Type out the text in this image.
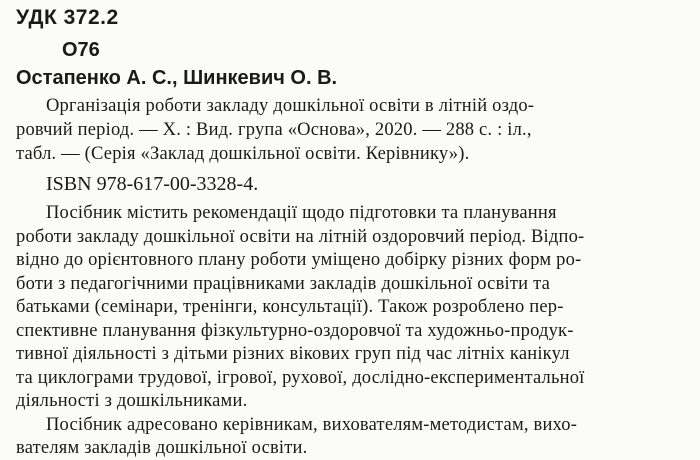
УДК 372.2
О76
Остапенко А. С., Шинкевич О. В.
Організація роботи закладу дошкільної освіти в літній оздо-
ровчий період. — Х. : Вид. група «Основа», 2020. — 288 с. : іл.,
табл. — (Серія «Заклад дошкільної освіти. Керівнику»).
ISBN 978-617-00-3328-4.
Посібник містить рекомендації щодо підготовки та планування
роботи закладу дошкільної освіти на літній оздоровчий період. Відпо-
відно до орієнтовного плану роботи уміщено добірку різних форм ро-
боти з педагогічними працівниками закладів дошкільної освіти та
батьками (семінари, тренінги, консультації). Також розроблено пер-
спективне планування фізкультурно-оздоровчої та художньо-продук-
тивної діяльності з дітьми різних вікових груп під час літніх канікул
та циклограми трудової, ігрової, рухової, дослідно-експериментальної
діяльності з дошкільниками.
Посібник адресовано керівникам, вихователям-методистам, вихо-
вателям закладів дошкільної освіти.
